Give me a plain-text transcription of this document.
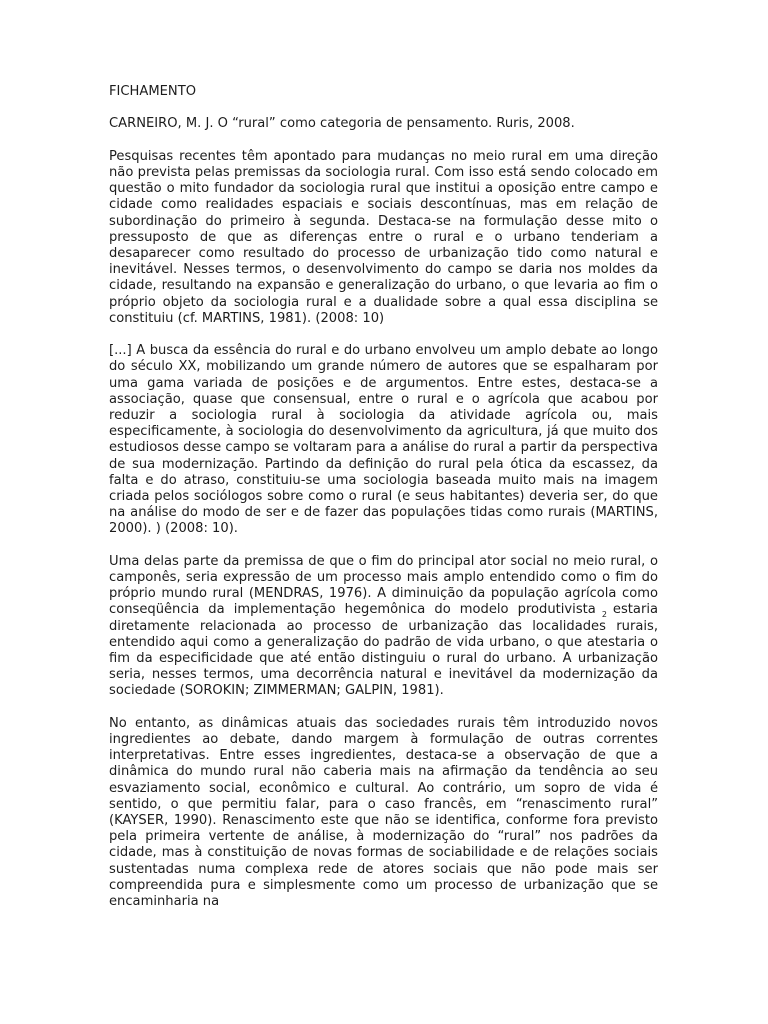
FICHAMENTO

CARNEIRO, M. J. O “rural” como categoria de pensamento. Ruris, 2008.

Pesquisas recentes têm apontado para mudanças no meio rural em uma direção não prevista pelas premissas da sociologia rural. Com isso está sendo colocado em questão o mito fundador da sociologia rural que institui a oposição entre campo e cidade como realidades espaciais e sociais descontínuas, mas em relação de subordinação do primeiro à segunda. Destaca-se na formulação desse mito o pressuposto de que as diferenças entre o rural e o urbano tenderiam a desaparecer como resultado do processo de urbanização tido como natural e inevitável. Nesses termos, o desenvolvimento do campo se daria nos moldes da cidade, resultando na expansão e generalização do urbano, o que levaria ao fim o próprio objeto da sociologia rural e a dualidade sobre a qual essa disciplina se constituiu (cf. MARTINS, 1981). (2008: 10)

[...] A busca da essência do rural e do urbano envolveu um amplo debate ao longo do século XX, mobilizando um grande número de autores que se espalharam por uma gama variada de posições e de argumentos. Entre estes, destaca-se a associação, quase que consensual, entre o rural e o agrícola que acabou por reduzir a sociologia rural à sociologia da atividade agrícola ou, mais especificamente, à sociologia do desenvolvimento da agricultura, já que muito dos estudiosos desse campo se voltaram para a análise do rural a partir da perspectiva de sua modernização. Partindo da definição do rural pela ótica da escassez, da falta e do atraso, constituiu-se uma sociologia baseada muito mais na imagem criada pelos sociólogos sobre como o rural (e seus habitantes) deveria ser, do que na análise do modo de ser e de fazer das populações tidas como rurais (MARTINS, 2000). ) (2008: 10).

Uma delas parte da premissa de que o fim do principal ator social no meio rural, o camponês, seria expressão de um processo mais amplo entendido como o fim do próprio mundo rural (MENDRAS, 1976). A diminuição da população agrícola como conseqüência da implementação hegemônica do modelo produtivista $_2$ estaria diretamente relacionada ao processo de urbanização das localidades rurais, entendido aqui como a generalização do padrão de vida urbano, o que atestaria o fim da especificidade que até então distinguiu o rural do urbano. A urbanização seria, nesses termos, uma decorrência natural e inevitável da modernização da sociedade (SOROKIN; ZIMMERMAN; GALPIN, 1981).

No entanto, as dinâmicas atuais das sociedades rurais têm introduzido novos ingredientes ao debate, dando margem à formulação de outras correntes interpretativas. Entre esses ingredientes, destaca-se a observação de que a dinâmica do mundo rural não caberia mais na afirmação da tendência ao seu esvaziamento social, econômico e cultural. Ao contrário, um sopro de vida é sentido, o que permitiu falar, para o caso francês, em “renascimento rural” (KAYSER, 1990). Renascimento este que não se identifica, conforme fora previsto pela primeira vertente de análise, à modernização do “rural” nos padrões da cidade, mas à constituição de novas formas de sociabilidade e de relações sociais sustentadas numa complexa rede de atores sociais que não pode mais ser compreendida pura e simplesmente como um processo de urbanização que se encaminharia na
